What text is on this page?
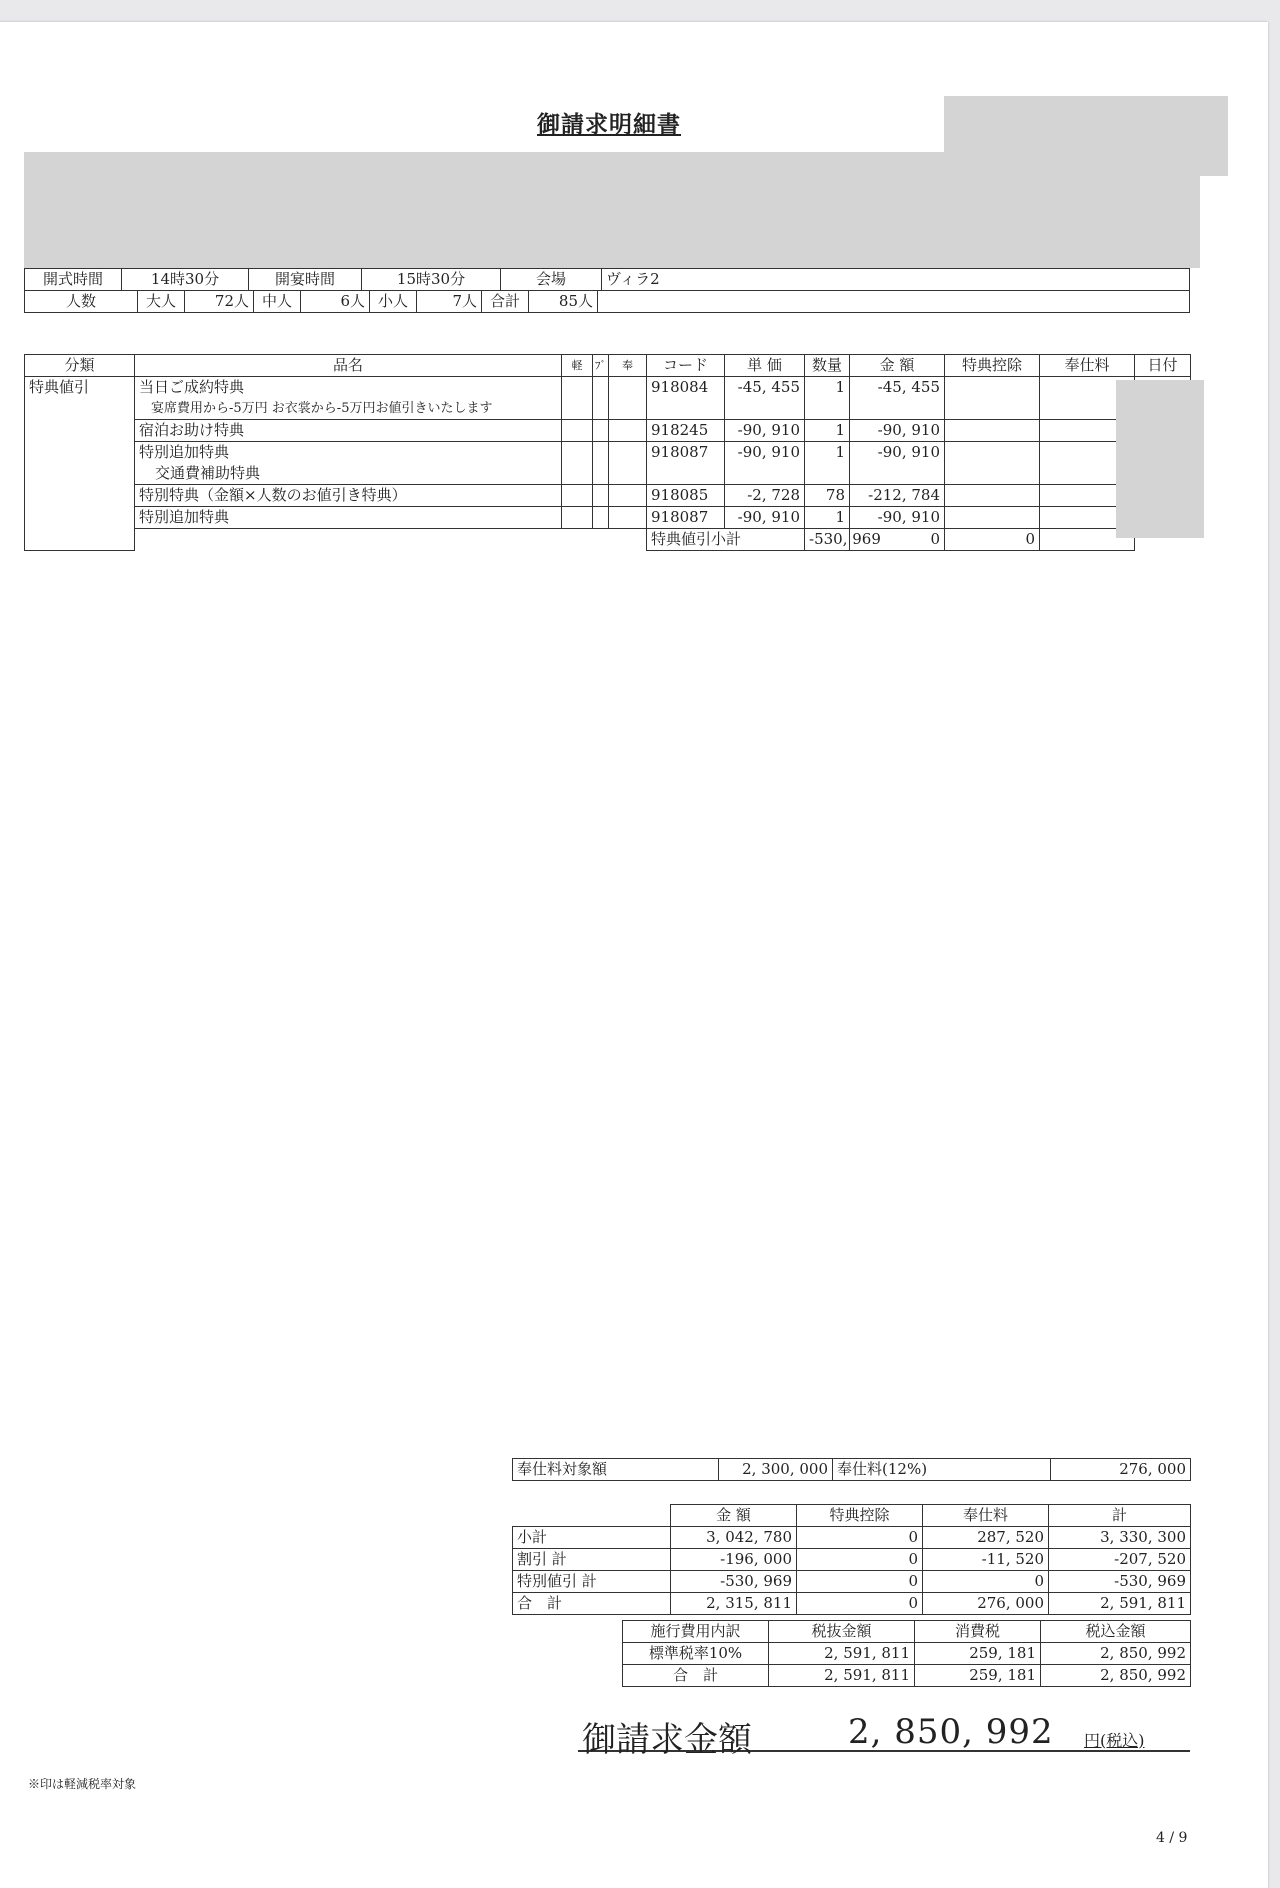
御請求明細書
開式時間	14時30分	開宴時間	15時30分	会場	ヴィラ2
人数	大人	72人	中人	6人	小人	7人	合計	85人	
分類	品名	軽	ﾌﾞ	奉	コード	単 価	数量	金 額	特典控除	奉仕料	日付
特典値引	当日ご成約特典				918084	-45, 455	1	-45, 455			
	宴席費用から-5万円 お衣裳から-5万円お値引きいたします										
	宿泊お助け特典				918245	-90, 910	1	-90, 910			
	特別追加特典				918087	-90, 910	1	-90, 910			
	交通費補助特典										
	特別特典（金額×人数のお値引き特典）				918085	-2, 728	78	-212, 784			
	特別追加特典				918087	-90, 910	1	-90, 910			
					特典値引小計		-530, 969	0	0		
奉仕料対象額	2, 300, 000	奉仕料(12%)	276, 000
	金 額	特典控除	奉仕料	計
小計	3, 042, 780	0	287, 520	3, 330, 300
割引 計	-196, 000	0	-11, 520	-207, 520
特別値引 計	-530, 969	0	0	-530, 969
合　計	2, 315, 811	0	276, 000	2, 591, 811
施行費用内訳	税抜金額	消費税	税込金額
標準税率10%	2, 591, 811	259, 181	2, 850, 992
合　計	2, 591, 811	259, 181	2, 850, 992
御請求金額	2, 850, 992 円(税込)
※印は軽減税率対象
4 / 9
